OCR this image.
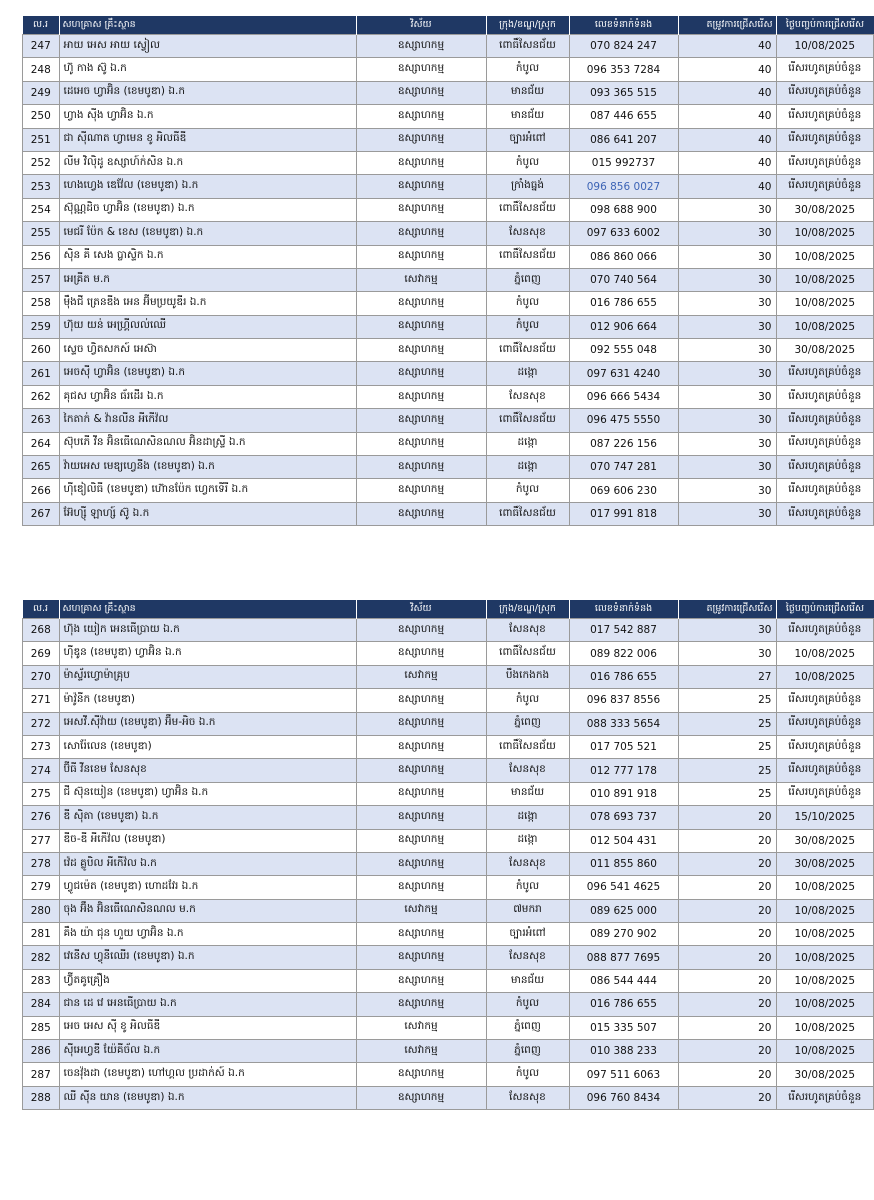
ល.រ	សហគ្រាស គ្រឹះស្ថាន	វិស័យ	ក្រុង/ខណ្ឌ/ស្រុក	លេខទំនាក់ទំនង	តម្រូវការជ្រើសរើស	ថ្ងៃបញ្ចប់ការជ្រើសរើស
247	អាយ អេស អាយ ស្វៀល	ឧស្សាហកម្ម	ពោធិ៍សែនជ័យ	070 824 247	40	10/08/2025
248	ហ៊ូ កាង ស៊ូ ឯ.ក	ឧស្សាហកម្ម	កំបូល	096 353 7284	40	រើសរហូតគ្រប់ចំនួន
249	ដេអេច ហ្វាអ៊ិន (ខេមបូឌា) ឯ.ក	ឧស្សាហកម្ម	មានជ័យ	093 365 515	40	រើសរហូតគ្រប់ចំនួន
250	ហ្វាង ស៊ីង ហ្វាអ៊ិន ឯ.ក	ឧស្សាហកម្ម	មានជ័យ	087 446 655	40	រើសរហូតគ្រប់ចំនួន
251	ជា ស៊ីណាត ហ្វាមេន ខូ អិលធីឌី	ឧស្សាហកម្ម	ច្បារអំពៅ	086 641 207	40	រើសរហូតគ្រប់ចំនួន
252	លីម វិល៉ិដូ ឧស្សាហ៍ក់សិន ឯ.ក	ឧស្សាហកម្ម	កំបូល	015 992737	40	រើសរហូតគ្រប់ចំនួន
253	ហេងហ្វេង ឌេវ៉ែល (ខេមបូឌា) ឯ.ក	ឧស្សាហកម្ម	ក្រាំងធ្នង់	096 856 0027	40	រើសរហូតគ្រប់ចំនួន
254	ស៊ុណ្ណដិច ហ្វាអ៊ិន (ខេមបូឌា) ឯ.ក	ឧស្សាហកម្ម	ពោធិ៍សែនជ័យ	098 688 900	30	30/08/2025
255	មេជរី ប៉ែក & ខេស (ខេមបូឌា) ឯ.ក	ឧស្សាហកម្ម	សែនសុខ	097 633 6002	30	10/08/2025
256	ស៊ិន គី សេង ប្លាស្ទិក ឯ.ក	ឧស្សាហកម្ម	ពោធិ៍សែនជ័យ	086 860 066	30	10/08/2025
257	អេគ្រីត ម.ក	សេវាកម្ម	ភ្នំពេញ	070 740 564	30	10/08/2025
258	ម៉ឹងជី ត្រេនឌីង អេន អ៊ីមប្រយូឌីរ ឯ.ក	ឧស្សាហកម្ម	កំបូល	016 786 655	30	10/08/2025
259	ហ៊ុយ យន់ អេហ្គ្រីលល់ឈើ	ឧស្សាហកម្ម	កំបូល	012 906 664	30	10/08/2025
260	ស្ទេច ហ្វិតសកស៍ អេស៊ា	ឧស្សាហកម្ម	ពោធិ៍សែនជ័យ	092 555 048	30	30/08/2025
261	អេចស៊ី ហ្វាអ៊ិន (ខេមបូឌា) ឯ.ក	ឧស្សាហកម្ម	ដង្កោ	097 631 4240	30	រើសរហូតគ្រប់ចំនួន
262	គុជស ហ្វាអ៊ិន ធ័រដើរ ឯ.ក	ឧស្សាហកម្ម	សែនសុខ	096 666 5434	30	រើសរហូតគ្រប់ចំនួន
263	កៃតាក់ & វ៉ានលីន អីកើវ៉ល	ឧស្សាហកម្ម	ពោធិ៍សែនជ័យ	096 475 5550	30	រើសរហូតគ្រប់ចំនួន
264	ស៊ុបភើ វីន អ៊ិនធើណេសិនណល អ៊ិនដាស្ទ្រី ឯ.ក	ឧស្សាហកម្ម	ដង្កោ	087 226 156	30	រើសរហូតគ្រប់ចំនួន
265	វ៉ាយអេស មេឌ្យហ្វេនីង (ខេមបូឌា) ឯ.ក	ឧស្សាហកម្ម	ដង្កោ	070 747 281	30	រើសរហូតគ្រប់ចំនួន
266	ហ៊ីឌៀលិធី (ខេមបូឌា) ហ៊ោនប៉ែក ហ្វេកទើរី ឯ.ក	ឧស្សាហកម្ម	កំបូល	069 606 230	30	រើសរហូតគ្រប់ចំនួន
267	អ៊ែហ្ស៊ី ឡាហ្ស៍ ស៊ូ ឯ.ក	ឧស្សាហកម្ម	ពោធិ៍សែនជ័យ	017 991 818	30	រើសរហូតគ្រប់ចំនួន
ល.រ	សហគ្រាស គ្រឹះស្ថាន	វិស័យ	ក្រុង/ខណ្ឌ/ស្រុក	លេខទំនាក់ទំនង	តម្រូវការជ្រើសរើស	ថ្ងៃបញ្ចប់ការជ្រើសរើស
268	ហ៊ុង យៀក អេនធើប្រាយ ឯ.ក	ឧស្សាហកម្ម	សែនសុខ	017 542 887	30	រើសរហូតគ្រប់ចំនួន
269	ហ៊ីឌូន (ខេមបូឌា) ហ្វាអ៊ិន ឯ.ក	ឧស្សាហកម្ម	ពោធិ៍សែនជ័យ	089 822 006	30	10/08/2025
270	ម៉ាស្ទ័រហ្វោម៉ាគ្រុប	សេវាកម្ម	បឹងកេងកង	016 786 655	27	10/08/2025
271	ម៉ាវ៉ូនីក (ខេមបូឌា)	ឧស្សាហកម្ម	កំបូល	096 837 8556	25	រើសរហូតគ្រប់ចំនួន
272	អេសវី.ស៊ីវ៉ាយ (ខេមបូឌា) អ៊ឹម-អិច ឯ.ក	ឧស្សាហកម្ម	ភ្នំពេញ	088 333 5654	25	រើសរហូតគ្រប់ចំនួន
273	សោរ៉ែលេន (ខេមបូឌា)	ឧស្សាហកម្ម	ពោធិ៍សែនជ័យ	017 705 521	25	រើសរហូតគ្រប់ចំនួន
274	ប៊ីធី វីនខេម សែនសុខ	ឧស្សាហកម្ម	សែនសុខ	012 777 178	25	រើសរហូតគ្រប់ចំនួន
275	ជី ស៊ុនយៀន (ខេមបូឌា) ហ្វាអ៊ិន ឯ.ក	ឧស្សាហកម្ម	មានជ័យ	010 891 918	25	រើសរហូតគ្រប់ចំនួន
276	ឌី ស៊ិតា (ខេមបូឌា) ឯ.ក	ឧស្សាហកម្ម	ដង្កោ	078 693 737	20	15/10/2025
277	ឌីច-ឌី អីកើវ៉ល (ខេមបូឌា)	ឧស្សាហកម្ម	ដង្កោ	012 504 431	20	30/08/2025
278	វ៉េដ គ្លូបិល អីកើវ៉ល ឯ.ក	ឧស្សាហកម្ម	សែនសុខ	011 855 860	20	30/08/2025
279	ហ្វូជម៉េត (ខេមបូឌា) ហោដវែរ ឯ.ក	ឧស្សាហកម្ម	កំបូល	096 541 4625	20	10/08/2025
280	ចុង អ៊ឹង អ៊ិនធើណេសិនណល ម.ក	សេវាកម្ម	៧មករា	089 625 000	20	10/08/2025
281	គឹង យ៉ា ជុន ហួយ ហ្វាអ៊ិន ឯ.ក	ឧស្សាហកម្ម	ច្បារអំពៅ	089 270 902	20	10/08/2025
282	វេនើស ហ្វុនីឈើរ (ខេមបូឌា) ឯ.ក	ឧស្សាហកម្ម	សែនសុខ	088 877 7695	20	10/08/2025
283	ហ្វ៊ីតគូគ្រឿង	ឧស្សាហកម្ម	មានជ័យ	086 544 444	20	10/08/2025
284	ជាន ដេ វេ អេនធើប្រាយ ឯ.ក	ឧស្សាហកម្ម	កំបូល	016 786 655	20	10/08/2025
285	អេច អេស ស៊ី ខូ អិលធីឌី	សេវាកម្ម	ភ្នំពេញ	015 335 507	20	10/08/2025
286	ស៊ីអេហ្វឌី យ៉ែគីច័ល ឯ.ក	សេវាកម្ម	ភ្នំពេញ	010 388 233	20	10/08/2025
287	ចេនវ៉ុងដា (ខេមបូឌា) ហៅហ្គល ប្រដាក់ស៍ ឯ.ក	ឧស្សាហកម្ម	កំបូល	097 511 6063	20	30/08/2025
288	ឈី ស៊ីន យាន (ខេមបូឌា) ឯ.ក	ឧស្សាហកម្ម	សែនសុខ	096 760 8434	20	រើសរហូតគ្រប់ចំនួន
